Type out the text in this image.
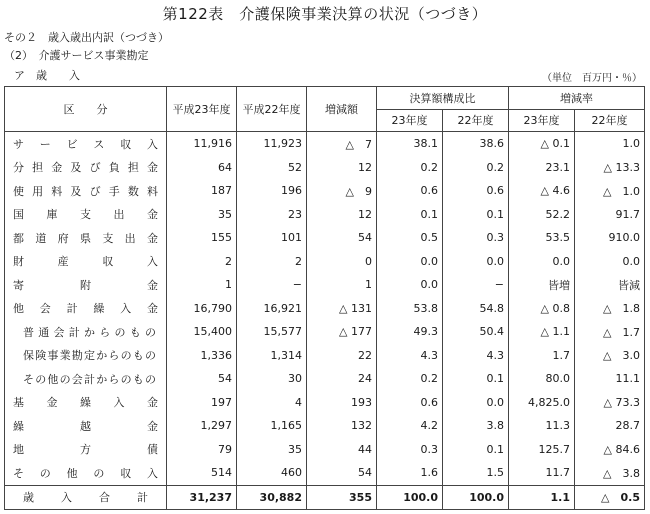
第122表　介護保険事業決算の状況（つづき）
その２　歳入歳出内訳（つづき）
（2）　介護サービス事業勘定
ア　歳　　入	（単位　百万円・％）
区　　分	平成23年度	平成22年度	増減額	決算額構成比		増減率	
				23年度	22年度	23年度	22年度
サービス収入	11,916	11,923	△　7	38.1	38.6	△ 0.1	1.0
分担金及び負担金	64	52	12	0.2	0.2	23.1	△ 13.3
使用料及び手数料	187	196	△　9	0.6	0.6	△ 4.6	△　1.0
国庫支出金	35	23	12	0.1	0.1	52.2	91.7
都道府県支出金	155	101	54	0.5	0.3	53.5	910.0
財産収入	2	2	0	0.0	0.0	0.0	0.0
寄附金	1	−	1	0.0	−	皆増	皆減
他会計繰入金	16,790	16,921	△ 131	53.8	54.8	△ 0.8	△　1.8
普通会計からのもの	15,400	15,577	△ 177	49.3	50.4	△ 1.1	△　1.7
保険事業勘定からのもの	1,336	1,314	22	4.3	4.3	1.7	△　3.0
その他の会計からのもの	54	30	24	0.2	0.1	80.0	11.1
基金繰入金	197	4	193	0.6	0.0	4,825.0	△ 73.3
繰越金	1,297	1,165	132	4.2	3.8	11.3	28.7
地方債	79	35	44	0.3	0.1	125.7	△ 84.6
その他の収入	514	460	54	1.6	1.5	11.7	△　3.8
歳入合計	31,237	30,882	355	100.0	100.0	1.1	△　0.5
